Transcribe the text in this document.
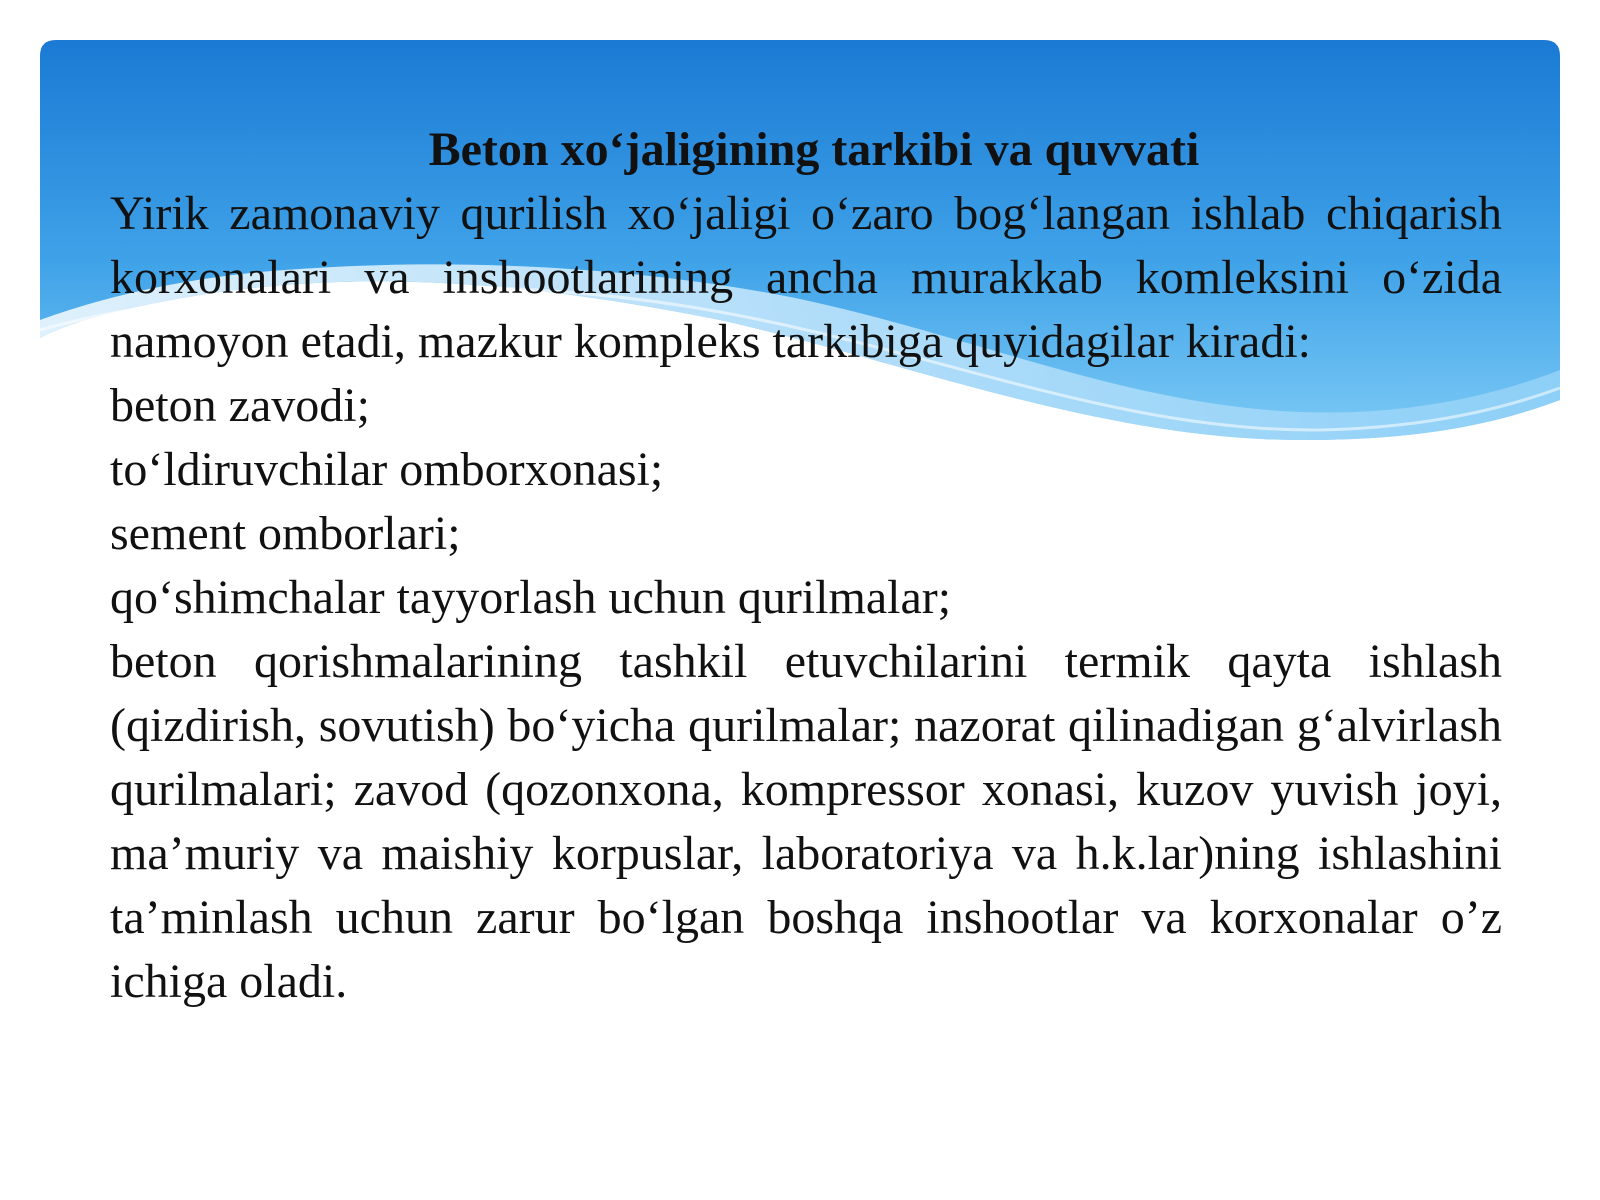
Beton xo‘jaligining tarkibi va quvvati

Yirik zamonaviy qurilish xo‘jaligi o‘zaro bog‘langan ishlab chiqarish korxonalari va inshootlarining ancha murakkab komleksini o‘zida namoyon etadi, mazkur kompleks tarkibiga quyidagilar kiradi:

beton zavodi;

to‘ldiruvchilar omborxonasi;

sement omborlari;

qo‘shimchalar tayyorlash uchun qurilmalar;

beton qorishmalarining tashkil etuvchilarini termik qayta ishlash (qizdirish, sovutish) bo‘yicha qurilmalar; nazorat qilinadigan g‘alvirlash qurilmalari; zavod (qozonxona, kompressor xonasi, kuzov yuvish joyi, ma’muriy va maishiy korpuslar, laboratoriya va h.k.lar)ning ishlashini ta’minlash uchun zarur bo‘lgan boshqa inshootlar va korxonalar o’z ichiga oladi.
